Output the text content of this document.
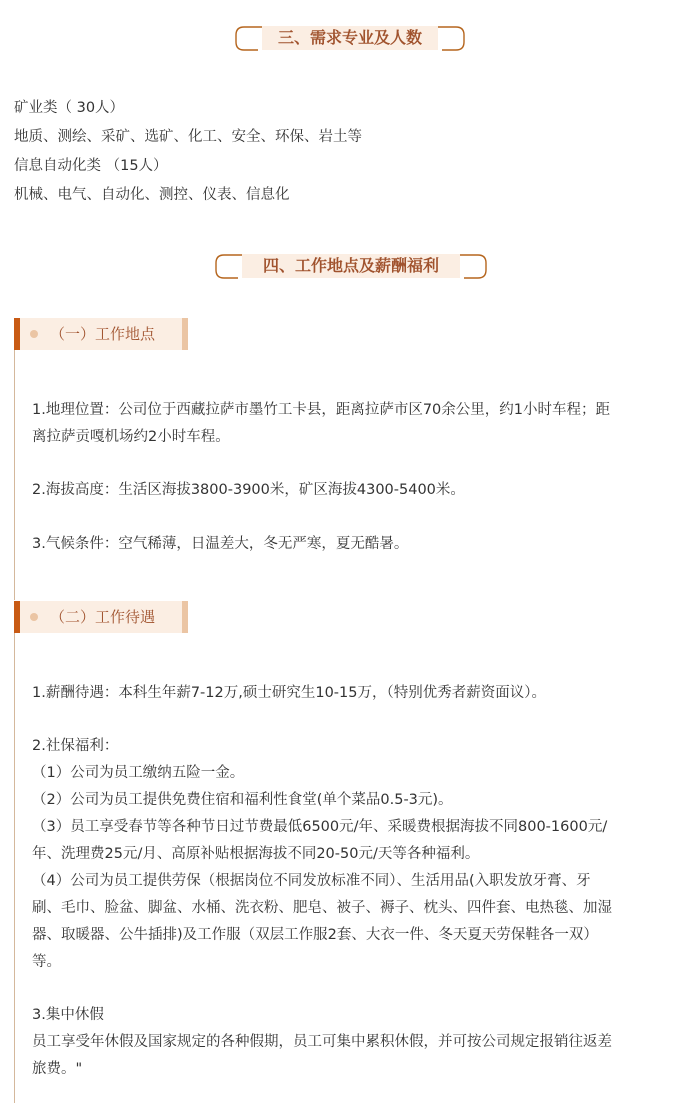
三、需求专业及人数
矿业类（ 30人）
地质、测绘、采矿、选矿、化工、安全、环保、岩土等
信息自动化类 （15人）
机械、电气、自动化、测控、仪表、信息化
四、工作地点及薪酬福利
（一）工作地点
1.地理位置：公司位于西藏拉萨市墨竹工卡县，距离拉萨市区70余公里，约1小时车程；距
离拉萨贡嘎机场约2小时车程。
2.海拔高度：生活区海拔3800-3900米，矿区海拔4300-5400米。
3.气候条件：空气稀薄，日温差大，冬无严寒，夏无酷暑。
（二）工作待遇
1.薪酬待遇：本科生年薪7-12万,硕士研究生10-15万，（特别优秀者薪资面议）。
2.社保福利：
（1）公司为员工缴纳五险一金。
（2）公司为员工提供免费住宿和福利性食堂(单个菜品0.5-3元)。
（3）员工享受春节等各种节日过节费最低6500元/年、采暖费根据海拔不同800-1600元/
年、洗理费25元/月、高原补贴根据海拔不同20-50元/天等各种福利。
（4）公司为员工提供劳保（根据岗位不同发放标准不同）、生活用品(入职发放牙膏、牙
刷、毛巾、脸盆、脚盆、水桶、洗衣粉、肥皂、被子、褥子、枕头、四件套、电热毯、加湿
器、取暖器、公牛插排)及工作服（双层工作服2套、大衣一件、冬天夏天劳保鞋各一双）
等。
3.集中休假
员工享受年休假及国家规定的各种假期，员工可集中累积休假，并可按公司规定报销往返差
旅费。"
